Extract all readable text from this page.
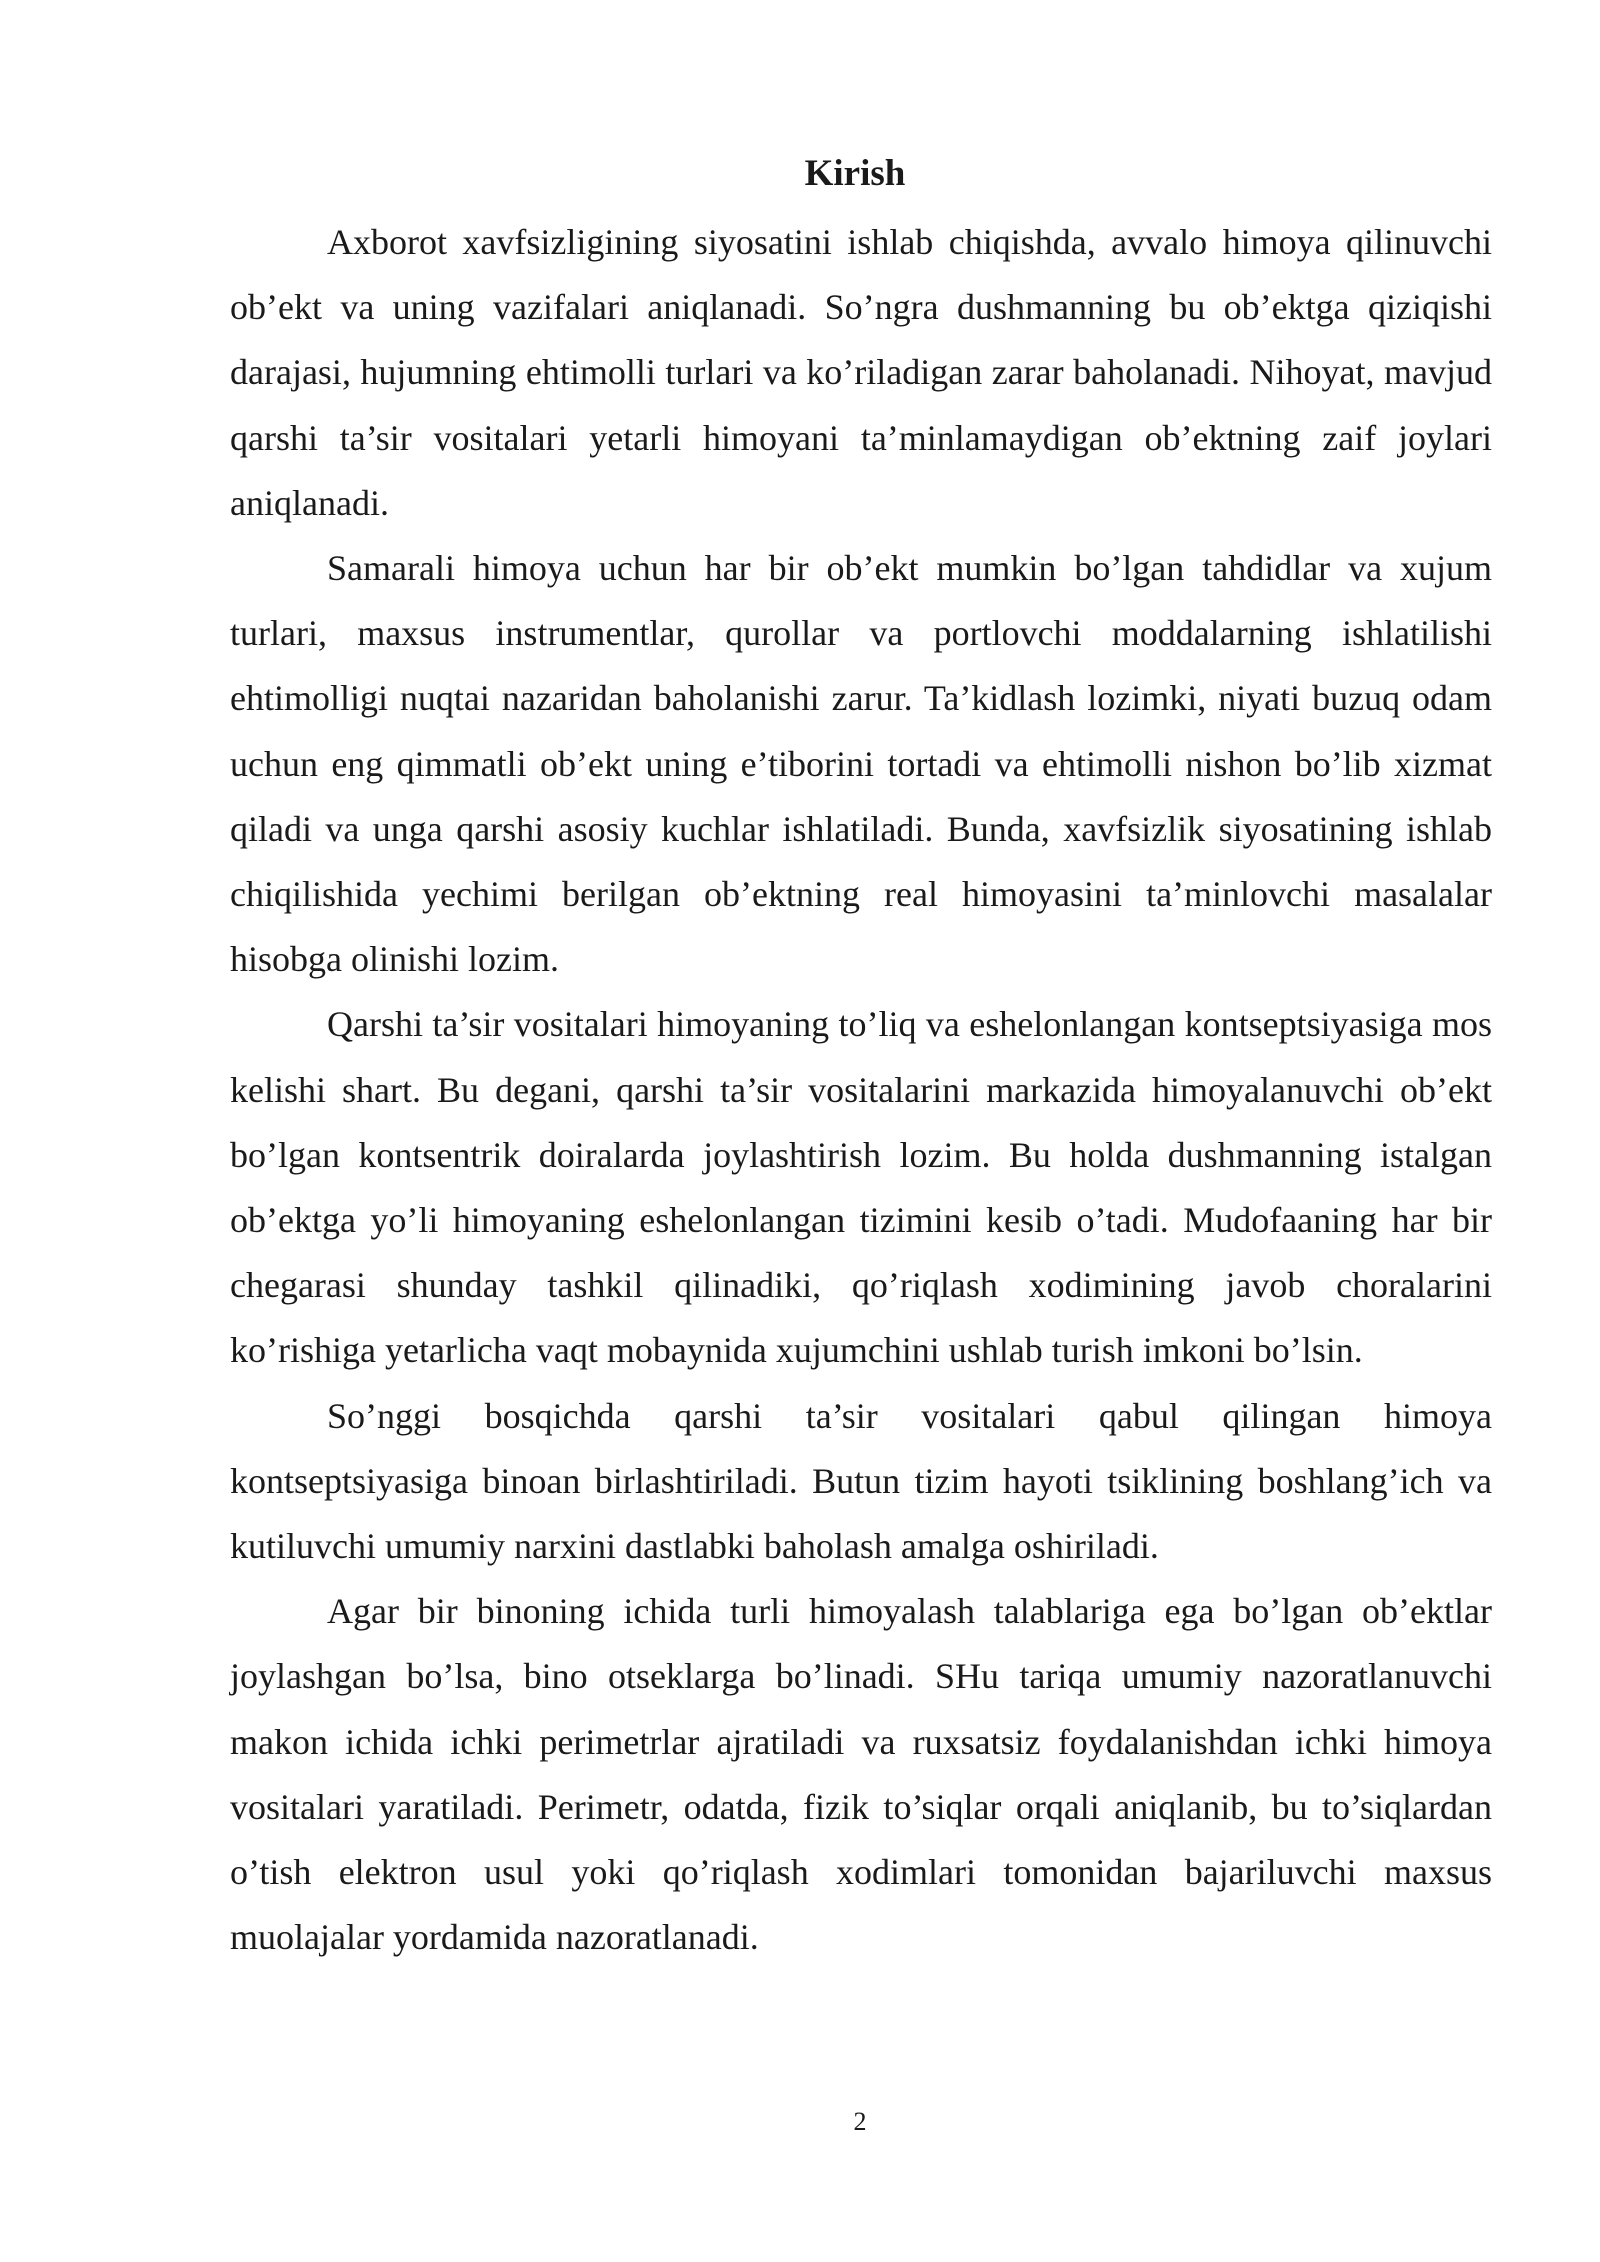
Kirish

Axborot xavfsizligining siyosatini ishlab chiqishda, avvalo himoya qilinuvchi ob’ekt va uning vazifalari aniqlanadi. So’ngra dushmanning bu ob’ektga qiziqishi darajasi, hujumning ehtimolli turlari va ko’riladigan zarar baholanadi. Nihoyat, mavjud qarshi ta’sir vositalari yetarli himoyani ta’minlamaydigan ob’ektning zaif joylari aniqlanadi.

Samarali himoya uchun har bir ob’ekt mumkin bo’lgan tahdidlar va xujum turlari, maxsus instrumentlar, qurollar va portlovchi moddalarning ishlatilishi ehtimolligi nuqtai nazaridan baholanishi zarur. Ta’kidlash lozimki, niyati buzuq odam uchun eng qimmatli ob’ekt uning e’tiborini tortadi va ehtimolli nishon bo’lib xizmat qiladi va unga qarshi asosiy kuchlar ishlatiladi. Bunda, xavfsizlik siyosatining ishlab chiqilishida yechimi berilgan ob’ektning real himoyasini ta’minlovchi masalalar hisobga olinishi lozim.

Qarshi ta’sir vositalari himoyaning to’liq va eshelonlangan kontseptsiyasiga mos kelishi shart. Bu degani, qarshi ta’sir vositalarini markazida himoyalanuvchi ob’ekt bo’lgan kontsentrik doiralarda joylashtirish lozim. Bu holda dushmanning istalgan ob’ektga yo’li himoyaning eshelonlangan tizimini kesib o’tadi. Mudofaaning har bir chegarasi shunday tashkil qilinadiki, qo’riqlash xodimining javob choralarini ko’rishiga yetarlicha vaqt mobaynida xujumchini ushlab turish imkoni bo’lsin.

So’nggi bosqichda qarshi ta’sir vositalari qabul qilingan himoya kontseptsiyasiga binoan birlashtiriladi. Butun tizim hayoti tsiklining boshlang’ich va kutiluvchi umumiy narxini dastlabki baholash amalga oshiriladi.

Agar bir binoning ichida turli himoyalash talablariga ega bo’lgan ob’ektlar joylashgan bo’lsa, bino otseklarga bo’linadi. SHu tariqa umumiy nazoratlanuvchi makon ichida ichki perimetrlar ajratiladi va ruxsatsiz foydalanishdan ichki himoya vositalari yaratiladi. Perimetr, odatda, fizik to’siqlar orqali aniqlanib, bu to’siqlardan o’tish elektron usul yoki qo’riqlash xodimlari tomonidan bajariluvchi maxsus muolajalar yordamida nazoratlanadi.

2
